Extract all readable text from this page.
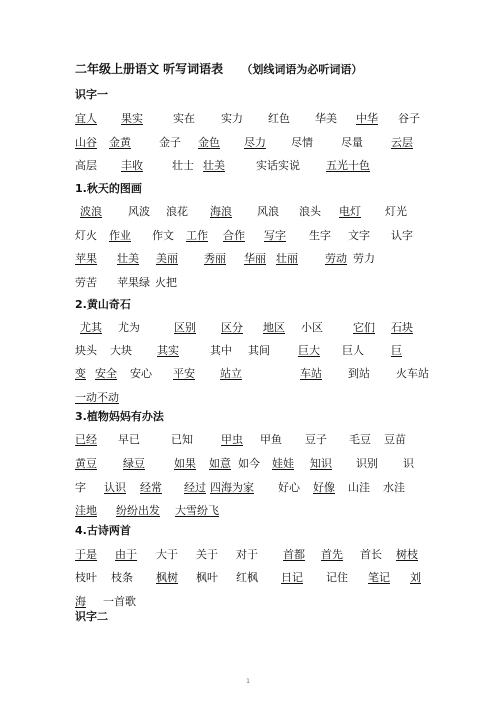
二年级上册语文 听写词语表 （划线词语为必听词语）
识字一
宜人 果实	实在 实力 红色 华美 中华 谷子
山谷 金黄	金子 金色 尽力 尽情	尽量	云层
高层 丰收	壮士 壮美	实话实说 五光十色
1.秋天的图画
波浪 风波 浪花 海浪 风浪 浪头 电灯 灯光
灯火 作业 作文 工作 合作 写字 生字 文字 认字
苹果 壮美 美丽 秀丽 华丽 壮丽 劳动 劳力
劳苦 苹果绿 火把
2.黄山奇石
尤其 尤为	区别 区分 地区 小区	它们 石块
块头 大块 其实	其中 其间	巨大 巨人 巨
变 安全 安心 平安 站立	车站 到站 火车站
一动不动
3.植物妈妈有办法
已经 早已	已知	甲虫 甲鱼 豆子 毛豆 豆苗
黄豆 绿豆	如果 如意 如今 娃娃 知识 识别 识
字 认识 经常 经过 四海为家 好心 好像 山洼 水洼
洼地 纷纷出发 大雪纷飞
4.古诗两首
于是 由于 大于 关于 对于 首都 首先 首长 树枝
枝叶 枝条 枫树 枫叶 红枫 日记 记住 笔记 刘
海 一首歌
识字二
1
